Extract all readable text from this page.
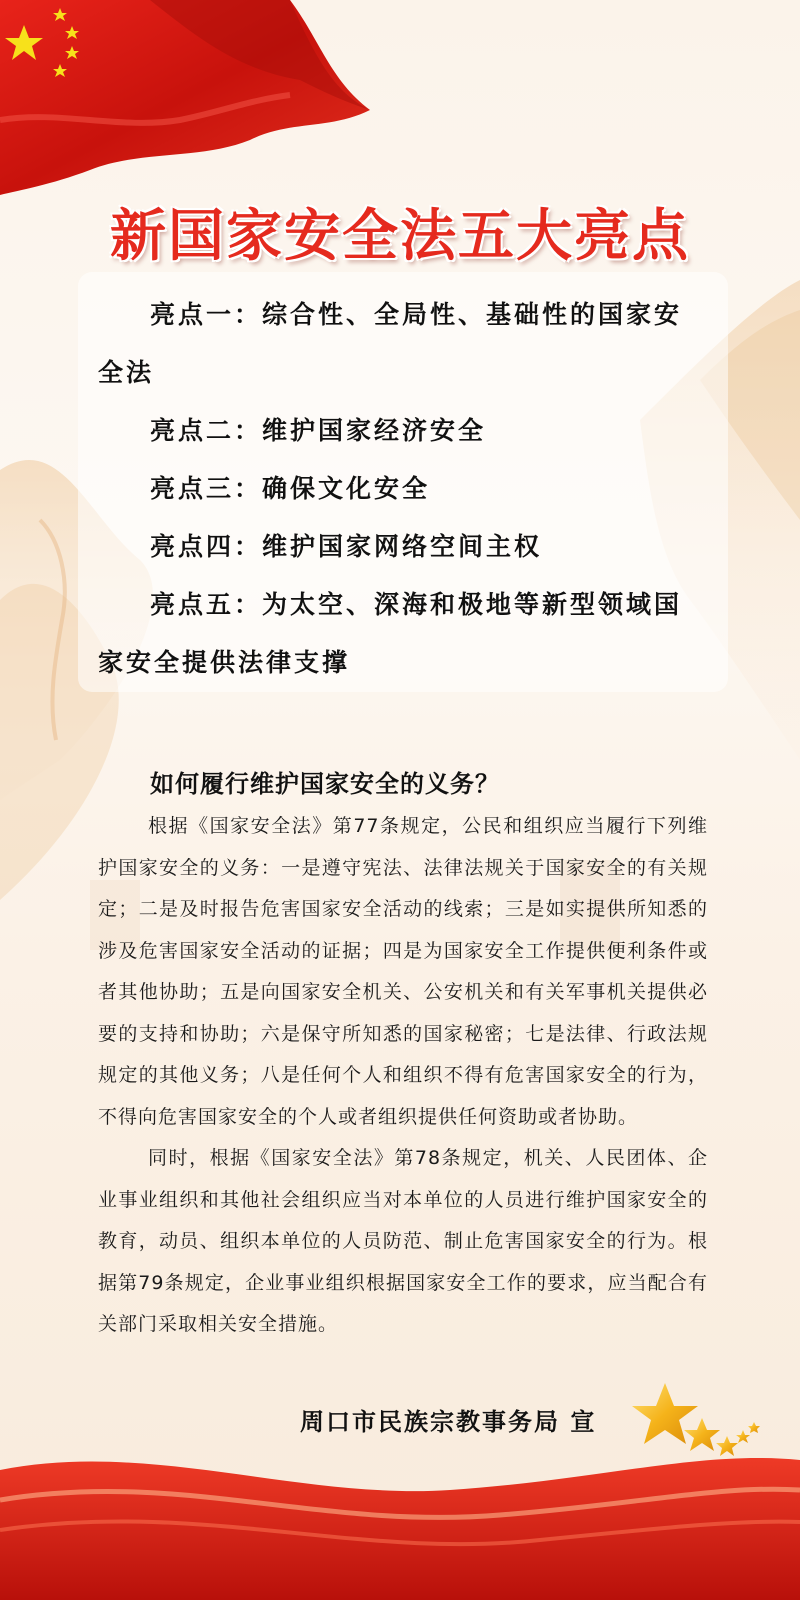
新国家安全法五大亮点

亮点一：综合性、全局性、基础性的国家安全法

亮点二：维护国家经济安全

亮点三：确保文化安全

亮点四：维护国家网络空间主权

亮点五：为太空、深海和极地等新型领域国家安全提供法律支撑

如何履行维护国家安全的义务？

根据《国家安全法》第77条规定，公民和组织应当履行下列维护国家安全的义务：一是遵守宪法、法律法规关于国家安全的有关规定；二是及时报告危害国家安全活动的线索；三是如实提供所知悉的涉及危害国家安全活动的证据；四是为国家安全工作提供便利条件或者其他协助；五是向国家安全机关、公安机关和有关军事机关提供必要的支持和协助；六是保守所知悉的国家秘密；七是法律、行政法规规定的其他义务；八是任何个人和组织不得有危害国家安全的行为，不得向危害国家安全的个人或者组织提供任何资助或者协助。

同时，根据《国家安全法》第78条规定，机关、人民团体、企业事业组织和其他社会组织应当对本单位的人员进行维护国家安全的教育，动员、组织本单位的人员防范、制止危害国家安全的行为。根据第79条规定，企业事业组织根据国家安全工作的要求，应当配合有关部门采取相关安全措施。

周口市民族宗教事务局 宣
